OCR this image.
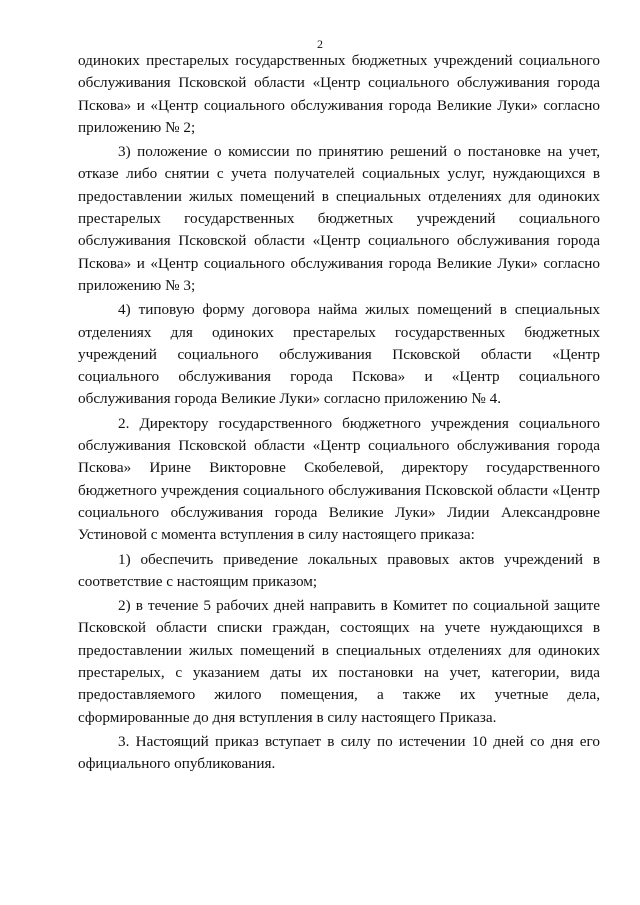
2

одиноких престарелых государственных бюджетных учреждений социального обслуживания Псковской области «Центр социального обслуживания города Пскова» и «Центр социального обслуживания города Великие Луки» согласно приложению № 2;

3) положение о комиссии по принятию решений о постановке на учет, отказе либо снятии с учета получателей социальных услуг, нуждающихся в предоставлении жилых помещений в специальных отделениях для одиноких престарелых государственных бюджетных учреждений социального обслуживания Псковской области «Центр социального обслуживания города Пскова» и «Центр социального обслуживания города Великие Луки» согласно приложению № 3;

4) типовую форму договора найма жилых помещений в специальных отделениях для одиноких престарелых государственных бюджетных учреждений социального обслуживания Псковской области «Центр социального обслуживания города Пскова» и «Центр социального обслуживания города Великие Луки» согласно приложению № 4.

2. Директору государственного бюджетного учреждения социального обслуживания Псковской области «Центр социального обслуживания города Пскова» Ирине Викторовне Скобелевой, директору государственного бюджетного учреждения социального обслуживания Псковской области «Центр социального обслуживания города Великие Луки» Лидии Александровне Устиновой с момента вступления в силу настоящего приказа:

1) обеспечить приведение локальных правовых актов учреждений в соответствие с настоящим приказом;

2) в течение 5 рабочих дней направить в Комитет по социальной защите Псковской области списки граждан, состоящих на учете нуждающихся в предоставлении жилых помещений в специальных отделениях для одиноких престарелых, с указанием даты их постановки на учет, категории, вида предоставляемого жилого помещения, а также их учетные дела, сформированные до дня вступления в силу настоящего Приказа.

3. Настоящий приказ вступает в силу по истечении 10 дней со дня его официального опубликования.
